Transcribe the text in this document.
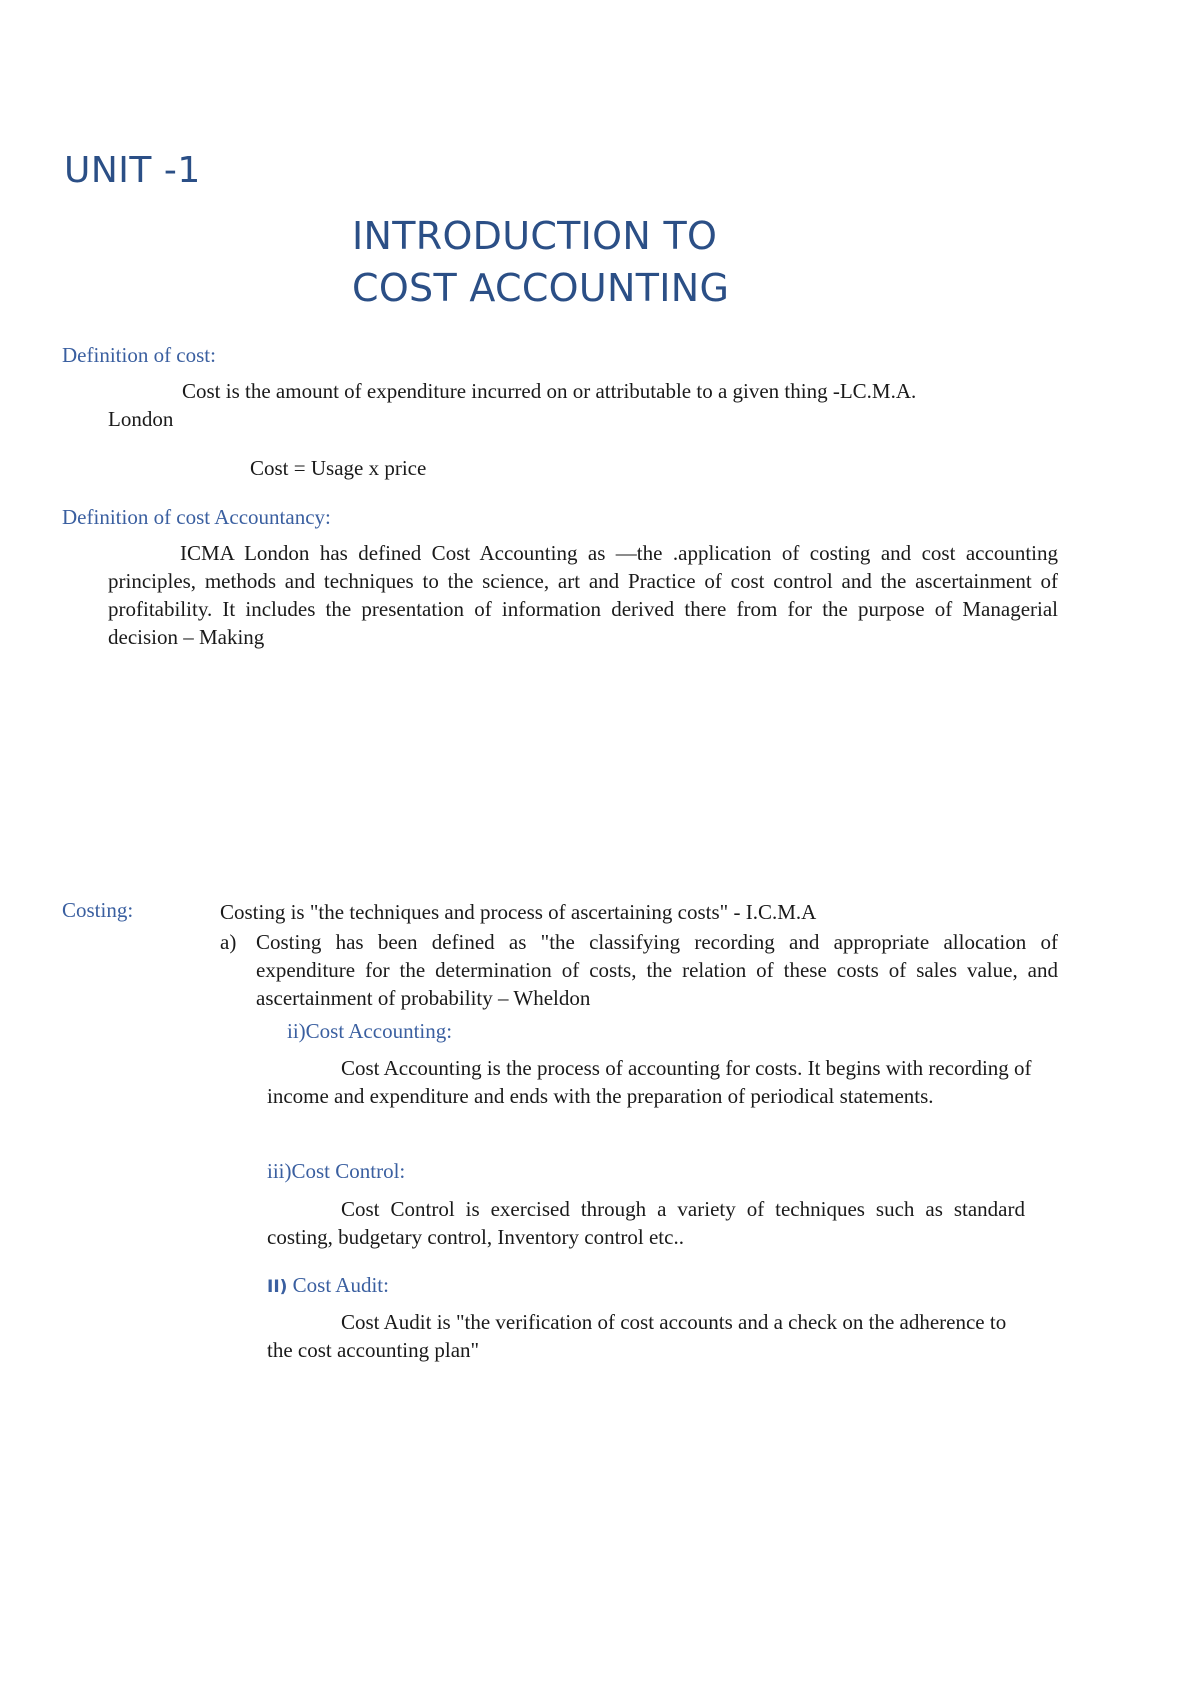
UNIT -1
INTRODUCTION TO
COST ACCOUNTING
Definition of cost:
Cost is the amount of expenditure incurred on or attributable to a given thing -LC.M.A.
London
Cost = Usage x price
Definition of cost Accountancy:

ICMA London has defined Cost Accounting as —the .application of costing and cost accounting principles, methods and techniques to the science, art and Practice of cost control and the ascertainment of profitability. It includes the presentation of information derived there from for the purpose of Managerial decision – Making

Costing:	Costing is "the techniques and process of ascertaining costs" - I.C.M.A
a) Costing has been defined as "the classifying recording and appropriate allocation of expenditure for the determination of costs, the relation of these costs of sales value, and ascertainment of probability – Wheldon

ii)Cost Accounting:

Cost Accounting is the process of accounting for costs. It begins with recording of income and expenditure and ends with the preparation of periodical statements.

iii)Cost Control:

Cost Control is exercised through a variety of techniques such as standard costing, budgetary control, Inventory control etc..

II) Cost Audit:

Cost Audit is "the verification of cost accounts and a check on the adherence to the cost accounting plan"
